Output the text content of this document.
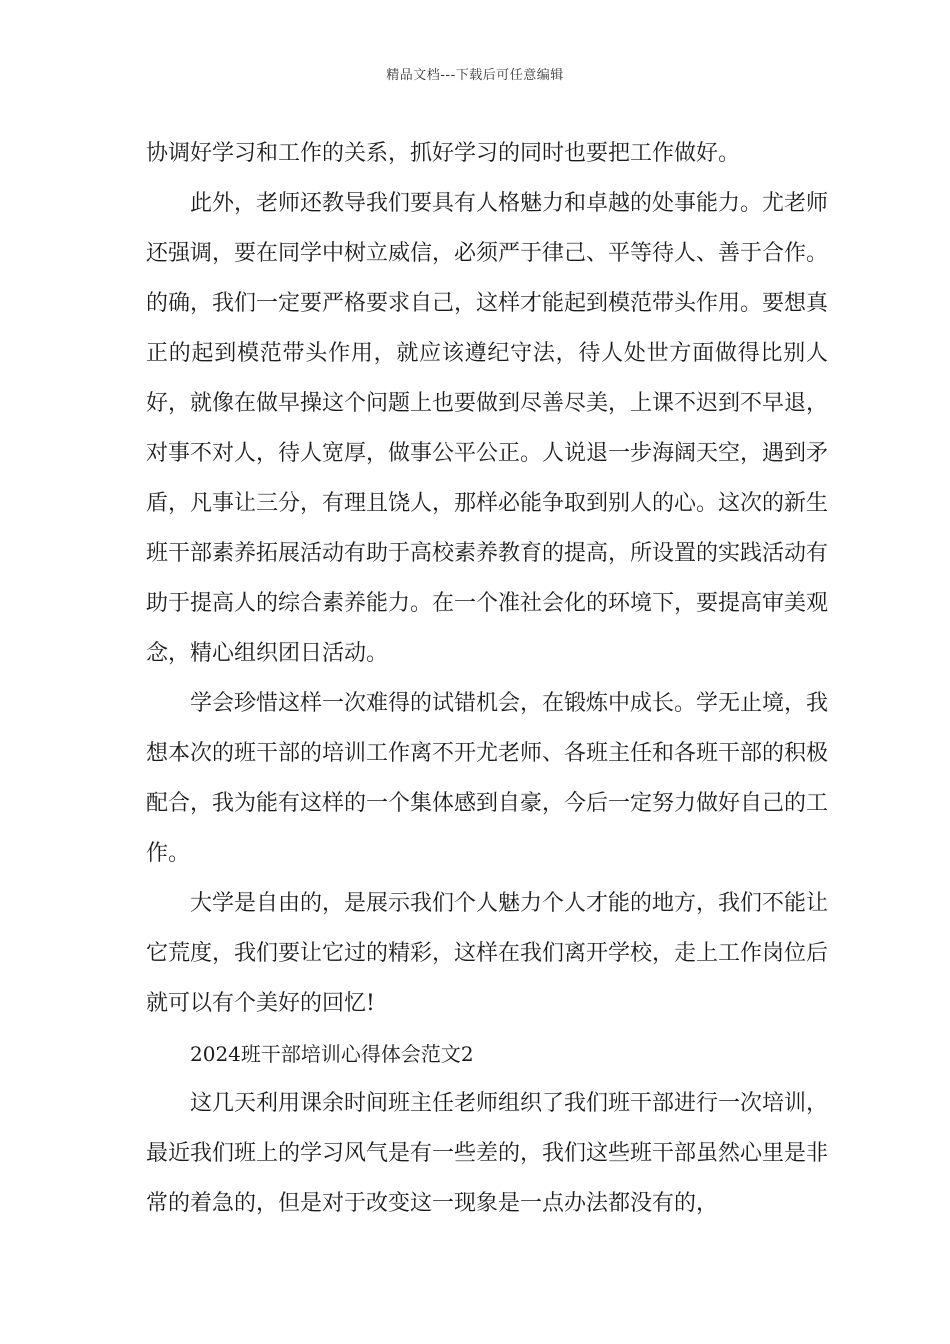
精品文档---下载后可任意编辑

协调好学习和工作的关系，抓好学习的同时也要把工作做好。

此外，老师还教导我们要具有人格魅力和卓越的处事能力。尤老师还强调，要在同学中树立威信，必须严于律己、平等待人、善于合作。的确，我们一定要严格要求自己，这样才能起到模范带头作用。要想真正的起到模范带头作用，就应该遵纪守法，待人处世方面做得比别人好，就像在做早操这个问题上也要做到尽善尽美，上课不迟到不早退，对事不对人，待人宽厚，做事公平公正。人说退一步海阔天空，遇到矛盾，凡事让三分，有理且饶人，那样必能争取到别人的心。这次的新生班干部素养拓展活动有助于高校素养教育的提高，所设置的实践活动有助于提高人的综合素养能力。在一个准社会化的环境下，要提高审美观念，精心组织团日活动。

学会珍惜这样一次难得的试错机会，在锻炼中成长。学无止境，我想本次的班干部的培训工作离不开尤老师、各班主任和各班干部的积极配合，我为能有这样的一个集体感到自豪，今后一定努力做好自己的工作。

大学是自由的，是展示我们个人魅力个人才能的地方，我们不能让它荒度，我们要让它过的精彩，这样在我们离开学校，走上工作岗位后就可以有个美好的回忆!

2024班干部培训心得体会范文2

这几天利用课余时间班主任老师组织了我们班干部进行一次培训，最近我们班上的学习风气是有一些差的，我们这些班干部虽然心里是非常的着急的，但是对于改变这一现象是一点办法都没有的，
